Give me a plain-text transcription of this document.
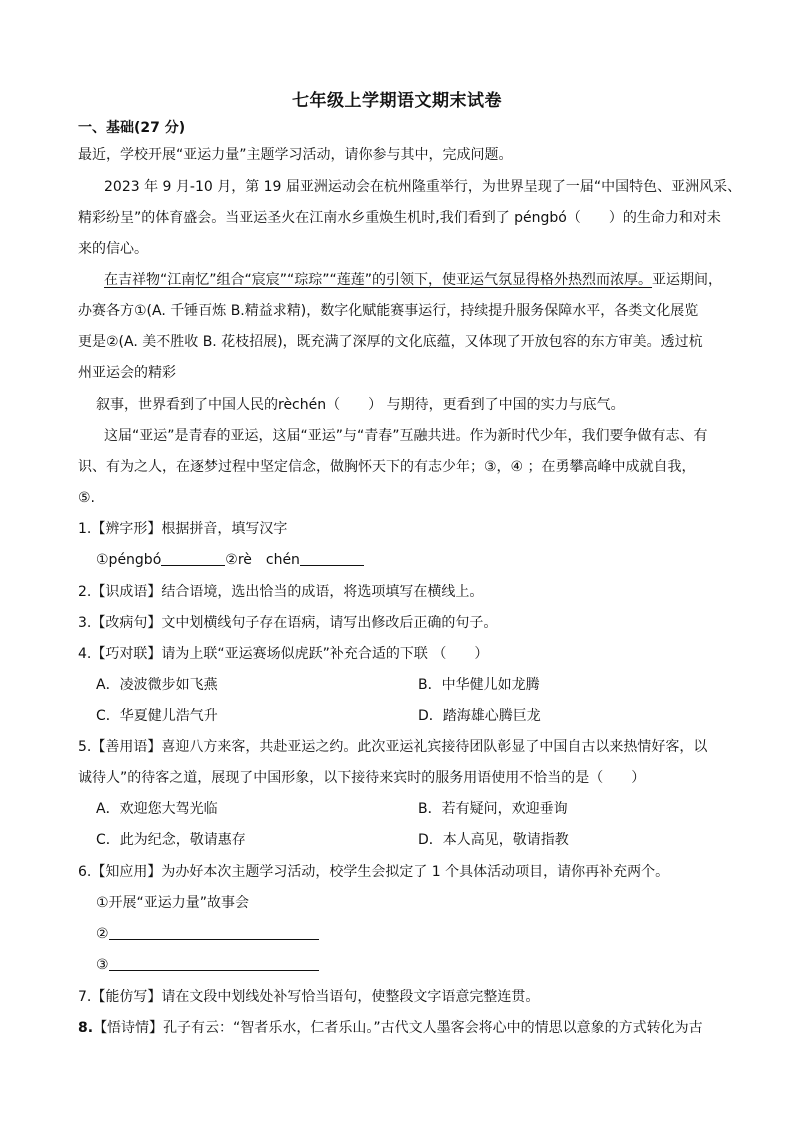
七年级上学期语文期末试卷
一、基础(27 分)
最近，学校开展“亚运力量”主题学习活动，请你参与其中，完成问题。
2023 年 9 月-10 月，第 19 届亚洲运动会在杭州隆重举行，为世界呈现了一届“中国特色、亚洲风采、
精彩纷呈”的体育盛会。当亚运圣火在江南水乡重焕生机时,我们看到了 péngbó（　　）的生命力和对未
来的信心。
在吉祥物“江南忆”组合“宸宸”“琮琮”“莲莲”的引领下，使亚运气氛显得格外热烈而浓厚。亚运期间，
办赛各方①(A. 千锤百炼 B.精益求精)，数字化赋能赛事运行，持续提升服务保障水平，各类文化展览
更是②(A. 美不胜收 B. 花枝招展)，既充满了深厚的文化底蕴，又体现了开放包容的东方审美。透过杭
州亚运会的精彩
叙事，世界看到了中国人民的rèchén（　　） 与期待，更看到了中国的实力与底气。
这届“亚运”是青春的亚运，这届“亚运”与“青春”互融共进。作为新时代少年，我们要争做有志、有
识、有为之人，在逐梦过程中坚定信念，做胸怀天下的有志少年；③，④ ；在勇攀高峰中成就自我，
⑤.
1.【辨字形】根据拼音，填写汉字
①péngbó	②rè　chén
2.【识成语】结合语境，选出恰当的成语，将选项填写在横线上。
3.【改病句】文中划横线句子存在语病，请写出修改后正确的句子。
4.【巧对联】请为上联“亚运赛场似虎跃”补充合适的下联 （　　）
A．凌波微步如飞燕	B．中华健儿如龙腾
C．华夏健儿浩气升	D．踏海雄心腾巨龙
5.【善用语】喜迎八方来客，共赴亚运之约。此次亚运礼宾接待团队彰显了中国自古以来热情好客，以
诚待人”的待客之道，展现了中国形象，以下接待来宾时的服务用语使用不恰当的是（　　）
A．欢迎您大驾光临	B．若有疑问，欢迎垂询
C．此为纪念，敬请惠存	D．本人高见，敬请指教
6.【知应用】为办好本次主题学习活动，校学生会拟定了 1 个具体活动项目，请你再补充两个。
①开展“亚运力量”故事会
②
③
7.【能仿写】请在文段中划线处补写恰当语句，使整段文字语意完整连贯。
8.【悟诗情】孔子有云：“智者乐水，仁者乐山。”古代文人墨客会将心中的情思以意象的方式转化为古
